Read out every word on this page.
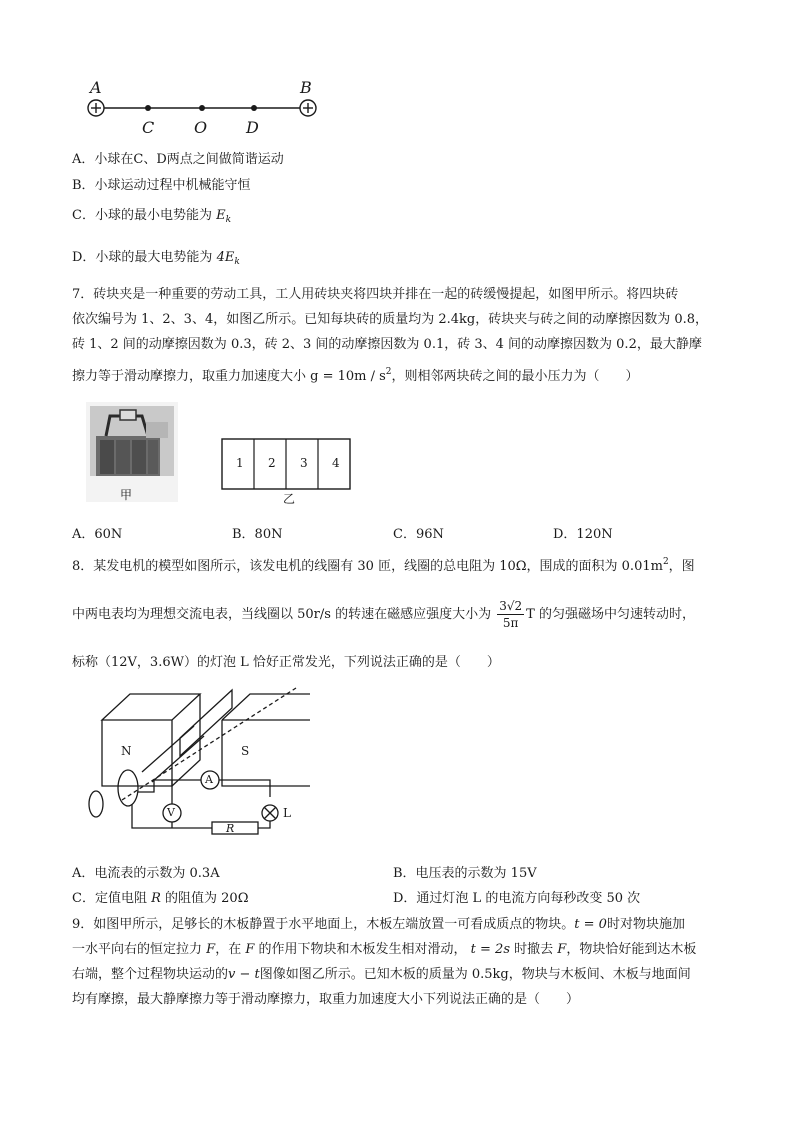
A	B
C O D
A．小球在C、D两点之间做简谐运动
B．小球运动过程中机械能守恒
C．小球的最小电势能为 $E_k$
D．小球的最大电势能为 $4E_k$
7．砖块夹是一种重要的劳动工具，工人用砖块夹将四块并排在一起的砖缓慢提起，如图甲所示。将四块砖
依次编号为 1、2、3、4，如图乙所示。已知每块砖的质量均为 2.4kg，砖块夹与砖之间的动摩擦因数为 0.8，
砖 1、2 间的动摩擦因数为 0.3，砖 2、3 间的动摩擦因数为 0.1，砖 3、4 间的动摩擦因数为 0.2，最大静摩
擦力等于滑动摩擦力，取重力加速度大小 $g = 10m / s^2$，则相邻两块砖之间的最小压力为（　　）
甲
1 2 3 4
乙
A．60N	B．80N	C．96N	D．120N
8．某发电机的模型如图所示，该发电机的线圈有 30 匝，线圈的总电阻为 10Ω，围成的面积为 $0.01m^2$，图
中两电表均为理想交流电表，当线圈以 50r/s 的转速在磁感应强度大小为 $\frac{3√2}{5\pi}$ T 的匀强磁场中匀速转动时，
标称（12V，3.6W）的灯泡 L 恰好正常发光，下列说法正确的是（　　）
N	S
A
V
R
L
A．电流表的示数为 0.3A	B．电压表的示数为 15V
C．定值电阻 R 的阻值为 20Ω	D．通过灯泡 L 的电流方向每秒改变 50 次
9．如图甲所示，足够长的木板静置于水平地面上，木板左端放置一可看成质点的物块。t = 0时对物块施加
一水平向右的恒定拉力 F，在 F 的作用下物块和木板发生相对滑动， t = 2s 时撤去 F，物块恰好能到达木板
右端，整个过程物块运动的v − t图像如图乙所示。已知木板的质量为 0.5kg，物块与木板间、木板与地面间
均有摩擦，最大静摩擦力等于滑动摩擦力，取重力加速度大小下列说法正确的是（　　）
